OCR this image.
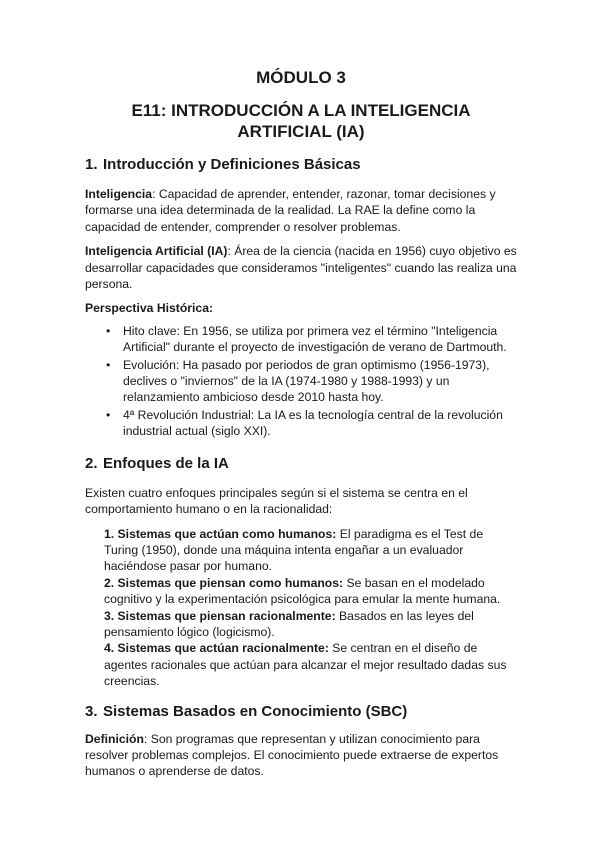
MÓDULO 3
E11: INTRODUCCIÓN A LA INTELIGENCIA ARTIFICIAL (IA)
1. Introducción y Definiciones Básicas

Inteligencia: Capacidad de aprender, entender, razonar, tomar decisiones y formarse una idea determinada de la realidad. La RAE la define como la capacidad de entender, comprender o resolver problemas.

Inteligencia Artificial (IA): Área de la ciencia (nacida en 1956) cuyo objetivo es desarrollar capacidades que consideramos "inteligentes" cuando las realiza una persona.

Perspectiva Histórica:

• Hito clave: En 1956, se utiliza por primera vez el término "Inteligencia Artificial" durante el proyecto de investigación de verano de Dartmouth.
• Evolución: Ha pasado por periodos de gran optimismo (1956-1973), declives o "inviernos" de la IA (1974-1980 y 1988-1993) y un relanzamiento ambicioso desde 2010 hasta hoy.
• 4ª Revolución Industrial: La IA es la tecnología central de la revolución industrial actual (siglo XXI).
2. Enfoques de la IA

Existen cuatro enfoques principales según si el sistema se centra en el comportamiento humano o en la racionalidad:

1. Sistemas que actúan como humanos: El paradigma es el Test de Turing (1950), donde una máquina intenta engañar a un evaluador haciéndose pasar por humano.
2. Sistemas que piensan como humanos: Se basan en el modelado cognitivo y la experimentación psicológica para emular la mente humana.
3. Sistemas que piensan racionalmente: Basados en las leyes del pensamiento lógico (logicismo).
4. Sistemas que actúan racionalmente: Se centran en el diseño de agentes racionales que actúan para alcanzar el mejor resultado dadas sus creencias.
3. Sistemas Basados en Conocimiento (SBC)

Definición: Son programas que representan y utilizan conocimiento para resolver problemas complejos. El conocimiento puede extraerse de expertos humanos o aprenderse de datos.
